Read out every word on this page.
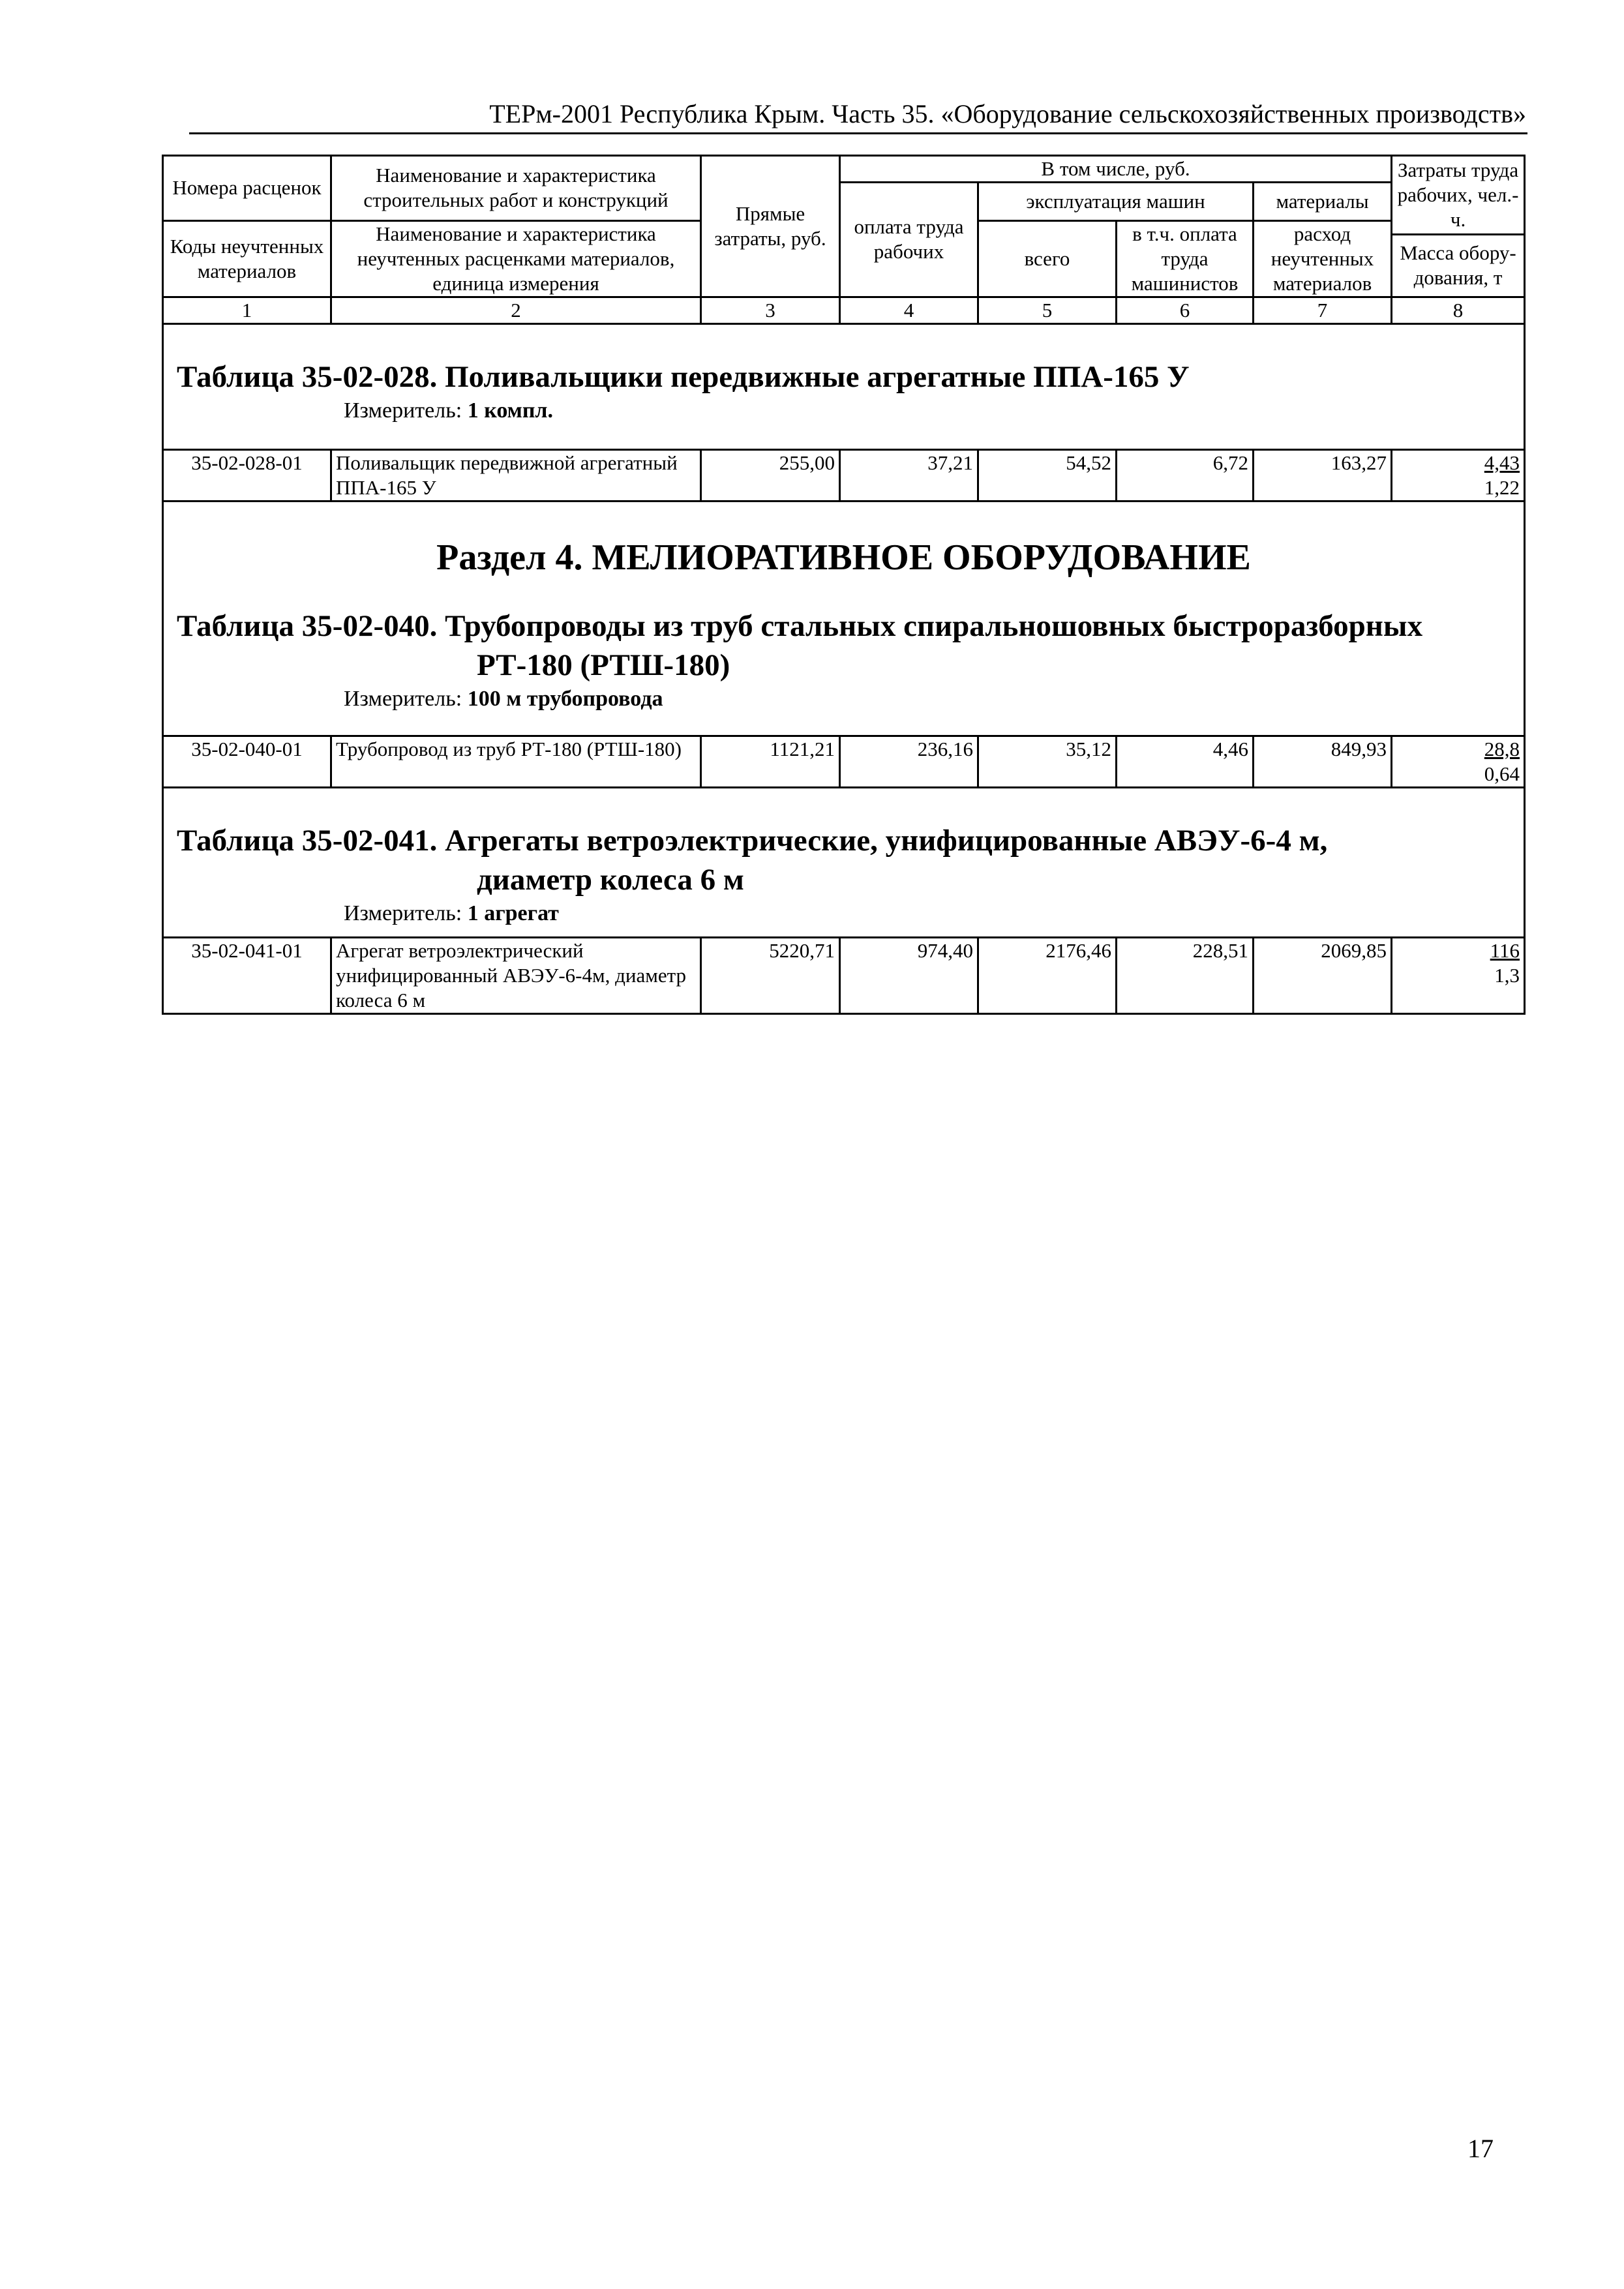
ТЕРм-2001 Республика Крым. Часть 35. «Оборудование сельскохозяйственных производств»
Номера расценок	Наименование и характеристика строительных работ и конструкций	Прямые затраты, руб.	В том числе, руб.				Затраты труда рабочих, чел.-ч.
			оплата труда рабочих	эксплуатация машин		материалы	
Коды неучтенных материалов	Наименование и характеристика неучтенных расценками материалов, единица измерения			всего	в т.ч. оплата труда машинистов	расход неучтенных материалов	

							Масса обору-дования, т
1	2	3	4	5	6	7	8

Таблица 35-02-028. Поливальщики передвижные агрегатные ППА-165 У
Измеритель: 1 компл.							

35-02-028-01	Поливальщик передвижной агрегатный ППА-165 У	255,00	37,21	54,52	6,72	163,27	4,43
1,22

Раздел 4. МЕЛИОРАТИВНОЕ ОБОРУДОВАНИЕ
Таблица 35-02-040. Трубопроводы из труб стальных спиральношовных быстроразборных
РТ-180 (РТШ-180)
Измеритель: 100 м трубопровода							

35-02-040-01	Трубопровод из труб РТ-180 (РТШ-180)	1121,21	236,16	35,12	4,46	849,93	28,8
0,64

Таблица 35-02-041. Агрегаты ветроэлектрические, унифицированные АВЭУ-6-4 м,
диаметр колеса 6 м
Измеритель: 1 агрегат							

35-02-041-01	Агрегат ветроэлектрический унифицированный АВЭУ-6-4м, диаметр колеса 6 м	5220,71	974,40	2176,46	228,51	2069,85	116
1,3
17
